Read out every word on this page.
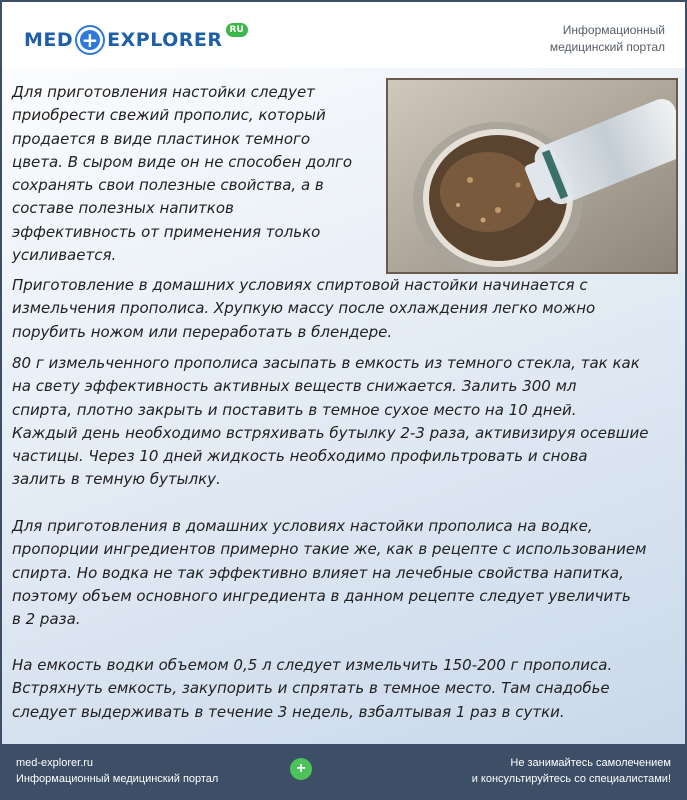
MED + EXPLORER RU	Информационный
медицинский портал
Для приготовления настойки следует
приобрести свежий прополис, который
продается в виде пластинок темного
цвета. В сыром виде он не способен долго
сохранять свои полезные свойства, а в
составе полезных напитков
эффективность от применения только
усиливается.
Приготовление в домашних условиях спиртовой настойки начинается с
измельчения прополиса. Хрупкую массу после охлаждения легко можно
порубить ножом или переработать в блендере.
80 г измельченного прополиса засыпать в емкость из темного стекла, так как
на свету эффективность активных веществ снижается. Залить 300 мл
спирта, плотно закрыть и поставить в темное сухое место на 10 дней.
Каждый день необходимо встряхивать бутылку 2-3 раза, активизируя осевшие
частицы. Через 10 дней жидкость необходимо профильтровать и снова
залить в темную бутылку.
Для приготовления в домашних условиях настойки прополиса на водке,
пропорции ингредиентов примерно такие же, как в рецепте с использованием
спирта. Но водка не так эффективно влияет на лечебные свойства напитка,
поэтому объем основного ингредиента в данном рецепте следует увеличить
в 2 раза.
На емкость водки объемом 0,5 л следует измельчить 150-200 г прополиса.
Встряхнуть емкость, закупорить и спрятать в темное место. Там снадобье
следует выдерживать в течение 3 недель, взбалтывая 1 раз в сутки.
med-explorer.ru
Информационный медицинский портал
+	Не занимайтесь самолечением
и консультируйтесь со специалистами!
